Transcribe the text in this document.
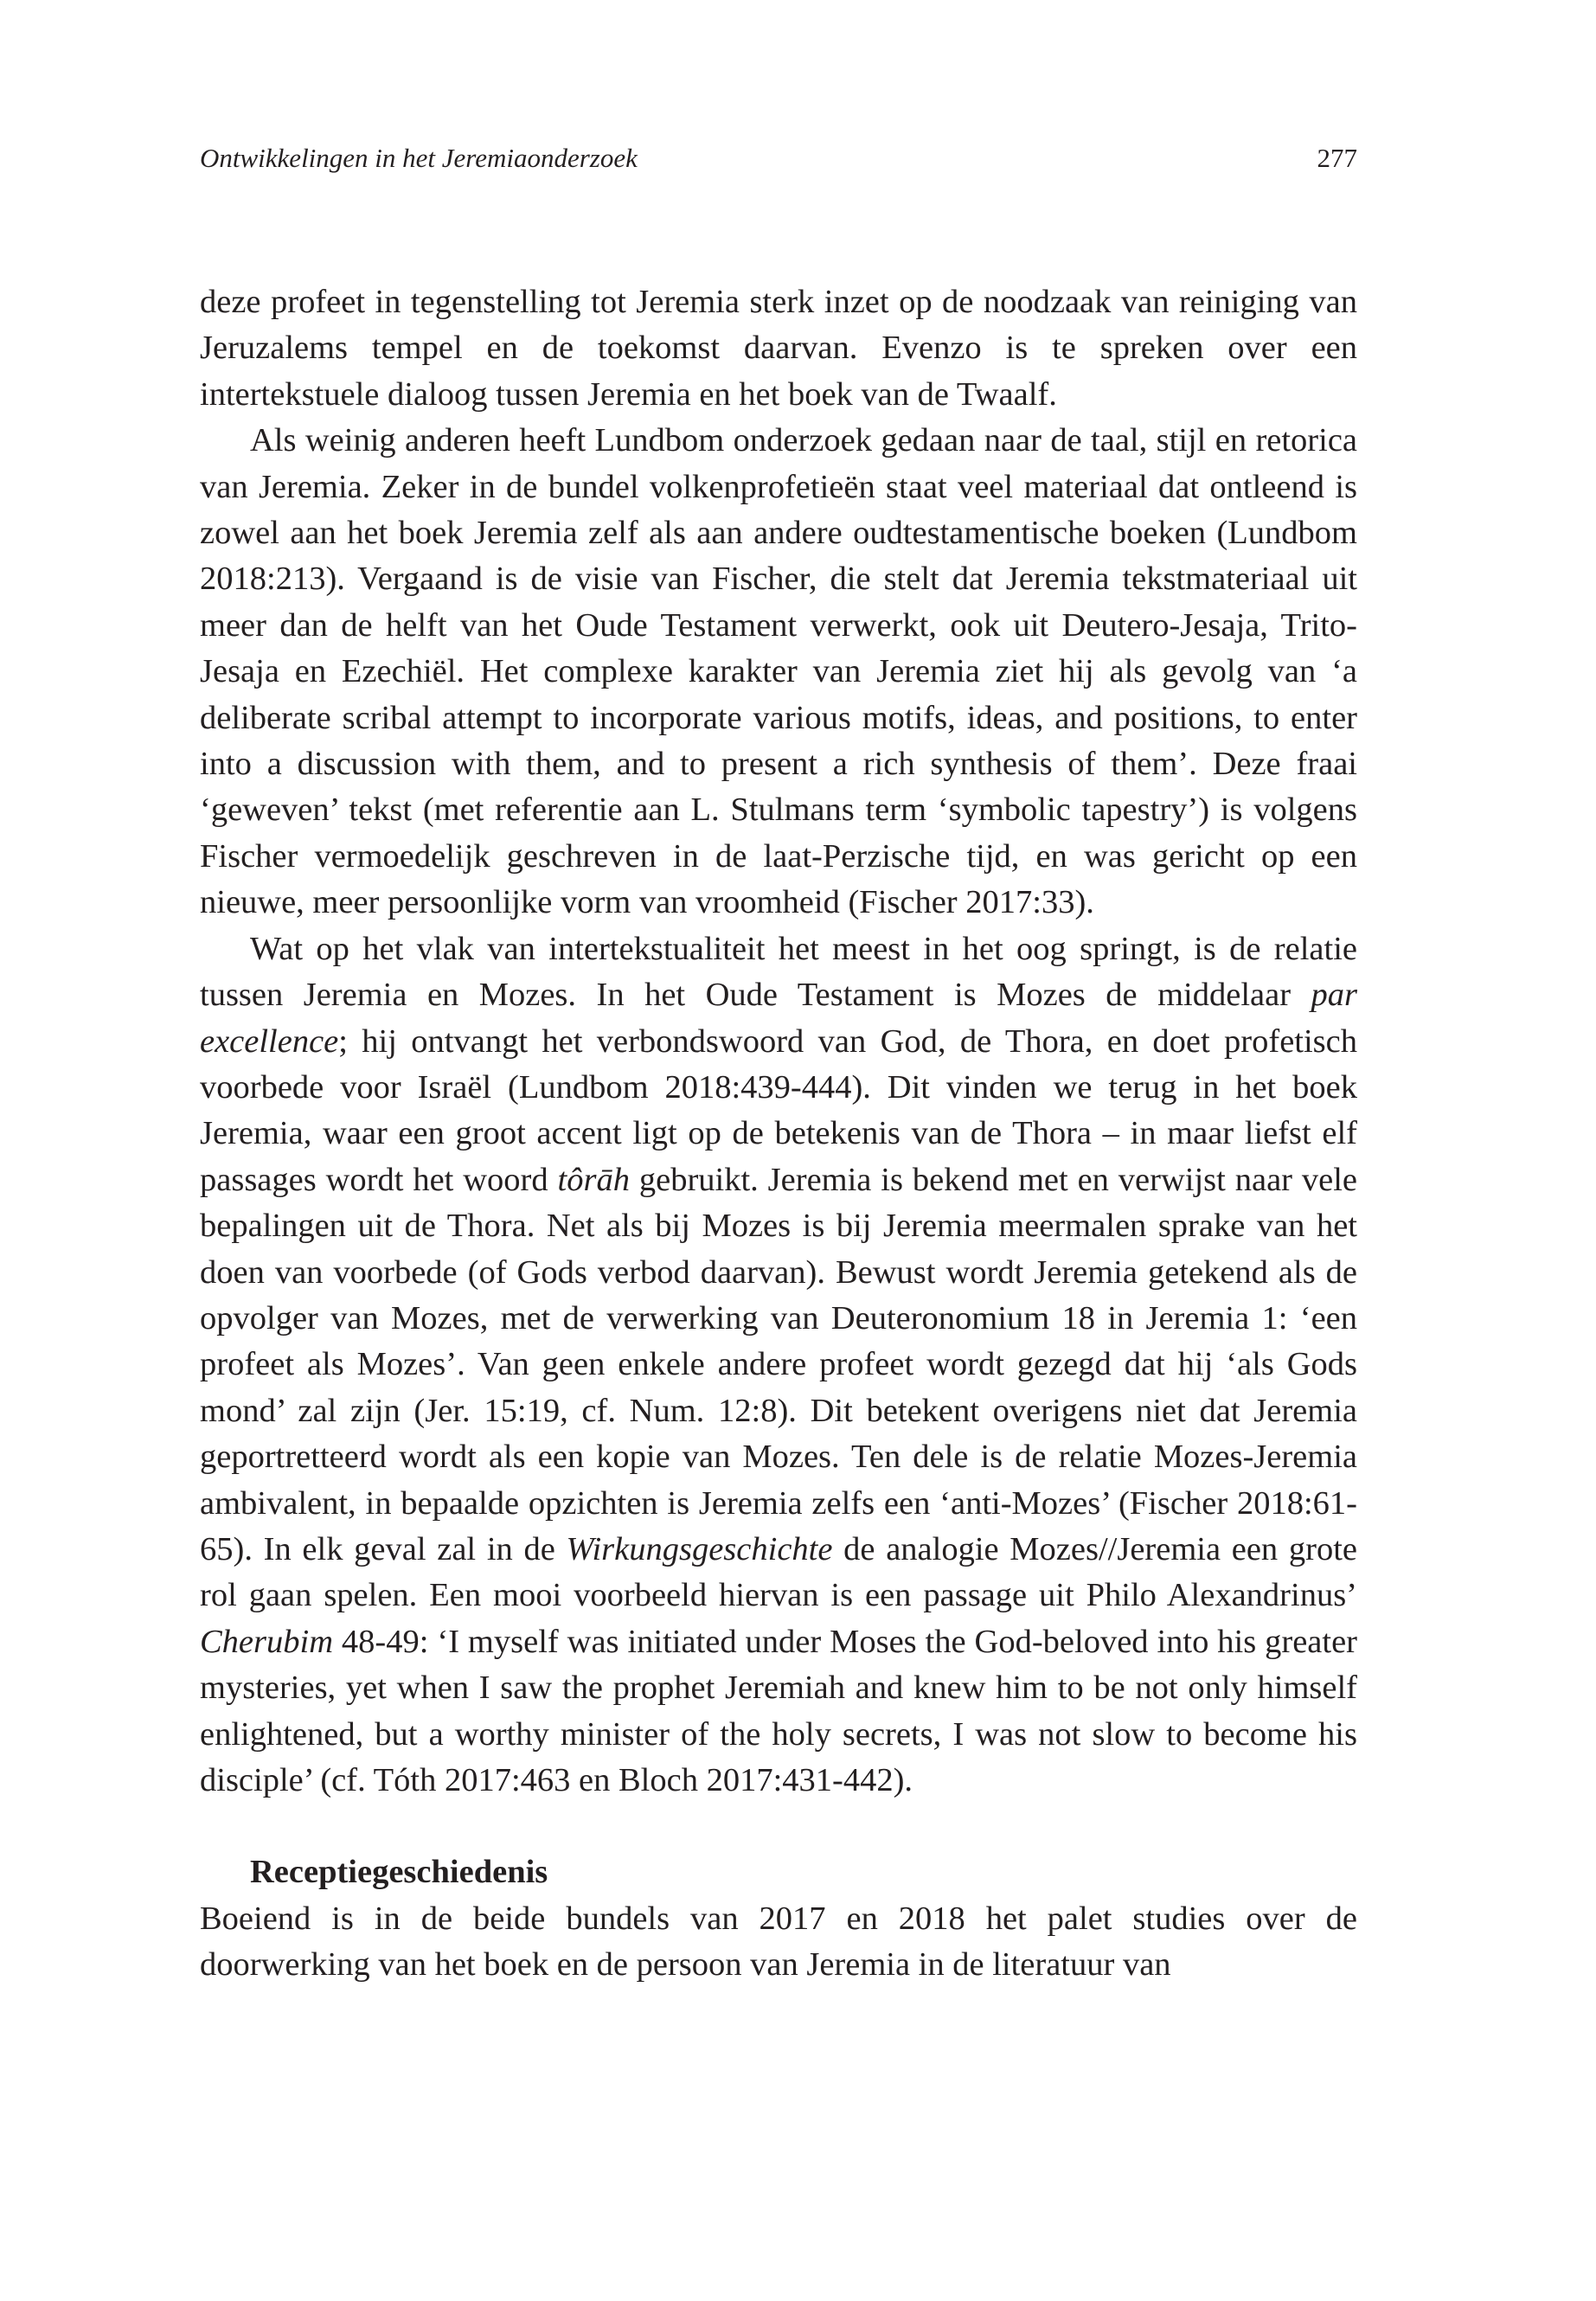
Ontwikkelingen in het Jeremiaonderzoek	277

deze profeet in tegenstelling tot Jeremia sterk inzet op de noodzaak van reiniging van Jeruzalems tempel en de toekomst daarvan. Evenzo is te spreken over een intertekstuele dialoog tussen Jeremia en het boek van de Twaalf.

Als weinig anderen heeft Lundbom onderzoek gedaan naar de taal, stijl en retorica van Jeremia. Zeker in de bundel volkenprofetieën staat veel materiaal dat ontleend is zowel aan het boek Jeremia zelf als aan andere oudtestamentische boeken (Lundbom 2018:213). Vergaand is de visie van Fischer, die stelt dat Jeremia tekstmateriaal uit meer dan de helft van het Oude Testament verwerkt, ook uit Deutero-Jesaja, Trito-Jesaja en Ezechiël. Het complexe karakter van Jeremia ziet hij als gevolg van ‘a deliberate scribal attempt to incorporate various motifs, ideas, and positions, to enter into a discussion with them, and to present a rich synthesis of them’. Deze fraai ‘geweven’ tekst (met referentie aan L. Stulmans term ‘symbolic tapestry’) is volgens Fischer vermoedelijk geschreven in de laat-Perzische tijd, en was gericht op een nieuwe, meer persoonlijke vorm van vroomheid (Fischer 2017:33).

Wat op het vlak van intertekstualiteit het meest in het oog springt, is de relatie tussen Jeremia en Mozes. In het Oude Testament is Mozes de middelaar par excellence; hij ontvangt het verbondswoord van God, de Thora, en doet profetisch voorbede voor Israël (Lundbom 2018:439-444). Dit vinden we terug in het boek Jeremia, waar een groot accent ligt op de betekenis van de Thora – in maar liefst elf passages wordt het woord tôrāh gebruikt. Jeremia is bekend met en verwijst naar vele bepalingen uit de Thora. Net als bij Mozes is bij Jeremia meermalen sprake van het doen van voorbede (of Gods verbod daarvan). Bewust wordt Jeremia getekend als de opvolger van Mozes, met de verwerking van Deuteronomium 18 in Jeremia 1: ‘een profeet als Mozes’. Van geen enkele andere profeet wordt gezegd dat hij ‘als Gods mond’ zal zijn (Jer. 15:19, cf. Num. 12:8). Dit betekent overigens niet dat Jeremia geportretteerd wordt als een kopie van Mozes. Ten dele is de relatie Mozes-Jeremia ambivalent, in bepaalde opzichten is Jeremia zelfs een ‘anti-Mozes’ (Fischer 2018:61-65). In elk geval zal in de Wirkungsgeschichte de analogie Mozes//Jeremia een grote rol gaan spelen. Een mooi voorbeeld hiervan is een passage uit Philo Alexandrinus’ Cherubim 48-49: ‘I myself was initiated under Moses the God-beloved into his greater mysteries, yet when I saw the prophet Jeremiah and knew him to be not only himself enlightened, but a worthy minister of the holy secrets, I was not slow to become his disciple’ (cf. Tóth 2017:463 en Bloch 2017:431-442).

Receptiegeschiedenis

Boeiend is in de beide bundels van 2017 en 2018 het palet studies over de doorwerking van het boek en de persoon van Jeremia in de literatuur van
